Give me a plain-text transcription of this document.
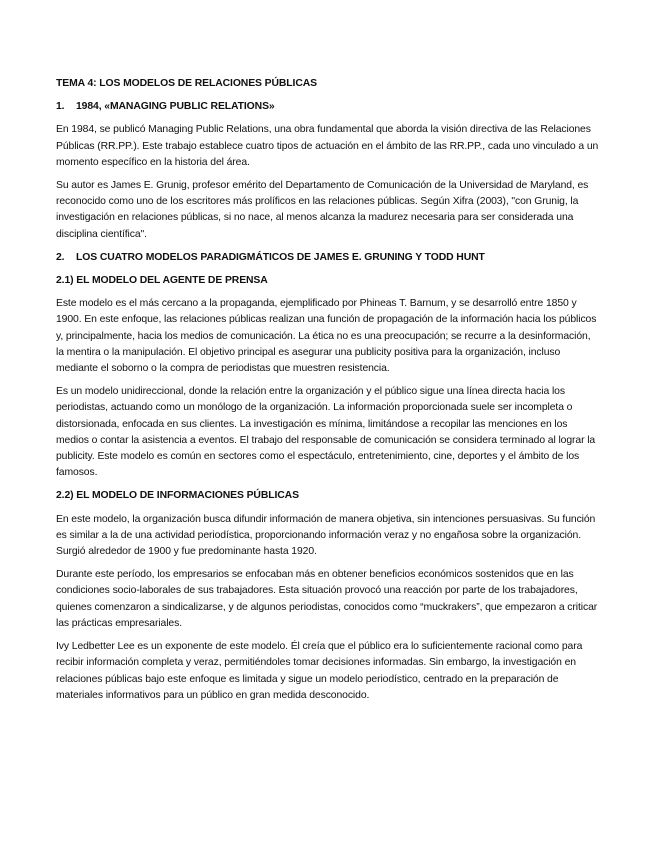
TEMA 4: LOS MODELOS DE RELACIONES PÚBLICAS
1. 1984, «MANAGING PUBLIC RELATIONS»

En 1984, se publicó Managing Public Relations, una obra fundamental que aborda la visión directiva de las Relaciones Públicas (RR.PP.). Este trabajo establece cuatro tipos de actuación en el ámbito de las RR.PP., cada uno vinculado a un momento específico en la historia del área.

Su autor es James E. Grunig, profesor emérito del Departamento de Comunicación de la Universidad de Maryland, es reconocido como uno de los escritores más prolíficos en las relaciones públicas. Según Xifra (2003), "con Grunig, la investigación en relaciones públicas, si no nace, al menos alcanza la madurez necesaria para ser considerada una disciplina científica".

2. LOS CUATRO MODELOS PARADIGMÁTICOS DE JAMES E. GRUNING Y TODD HUNT
2.1) EL MODELO DEL AGENTE DE PRENSA

Este modelo es el más cercano a la propaganda, ejemplificado por Phineas T. Barnum, y se desarrolló entre 1850 y 1900. En este enfoque, las relaciones públicas realizan una función de propagación de la información hacia los públicos y, principalmente, hacia los medios de comunicación. La ética no es una preocupación; se recurre a la desinformación, la mentira o la manipulación. El objetivo principal es asegurar una publicity positiva para la organización, incluso mediante el soborno o la compra de periodistas que muestren resistencia.

Es un modelo unidireccional, donde la relación entre la organización y el público sigue una línea directa hacia los periodistas, actuando como un monólogo de la organización. La información proporcionada suele ser incompleta o distorsionada, enfocada en sus clientes. La investigación es mínima, limitándose a recopilar las menciones en los medios o contar la asistencia a eventos. El trabajo del responsable de comunicación se considera terminado al lograr la publicity. Este modelo es común en sectores como el espectáculo, entretenimiento, cine, deportes y el ámbito de los famosos.

2.2) EL MODELO DE INFORMACIONES PÚBLICAS

En este modelo, la organización busca difundir información de manera objetiva, sin intenciones persuasivas. Su función es similar a la de una actividad periodística, proporcionando información veraz y no engañosa sobre la organización. Surgió alrededor de 1900 y fue predominante hasta 1920.

Durante este período, los empresarios se enfocaban más en obtener beneficios económicos sostenidos que en las condiciones socio-laborales de sus trabajadores. Esta situación provocó una reacción por parte de los trabajadores, quienes comenzaron a sindicalizarse, y de algunos periodistas, conocidos como “muckrakers”, que empezaron a criticar las prácticas empresariales.

Ivy Ledbetter Lee es un exponente de este modelo. Él creía que el público era lo suficientemente racional como para recibir información completa y veraz, permitiéndoles tomar decisiones informadas. Sin embargo, la investigación en relaciones públicas bajo este enfoque es limitada y sigue un modelo periodístico, centrado en la preparación de materiales informativos para un público en gran medida desconocido.
